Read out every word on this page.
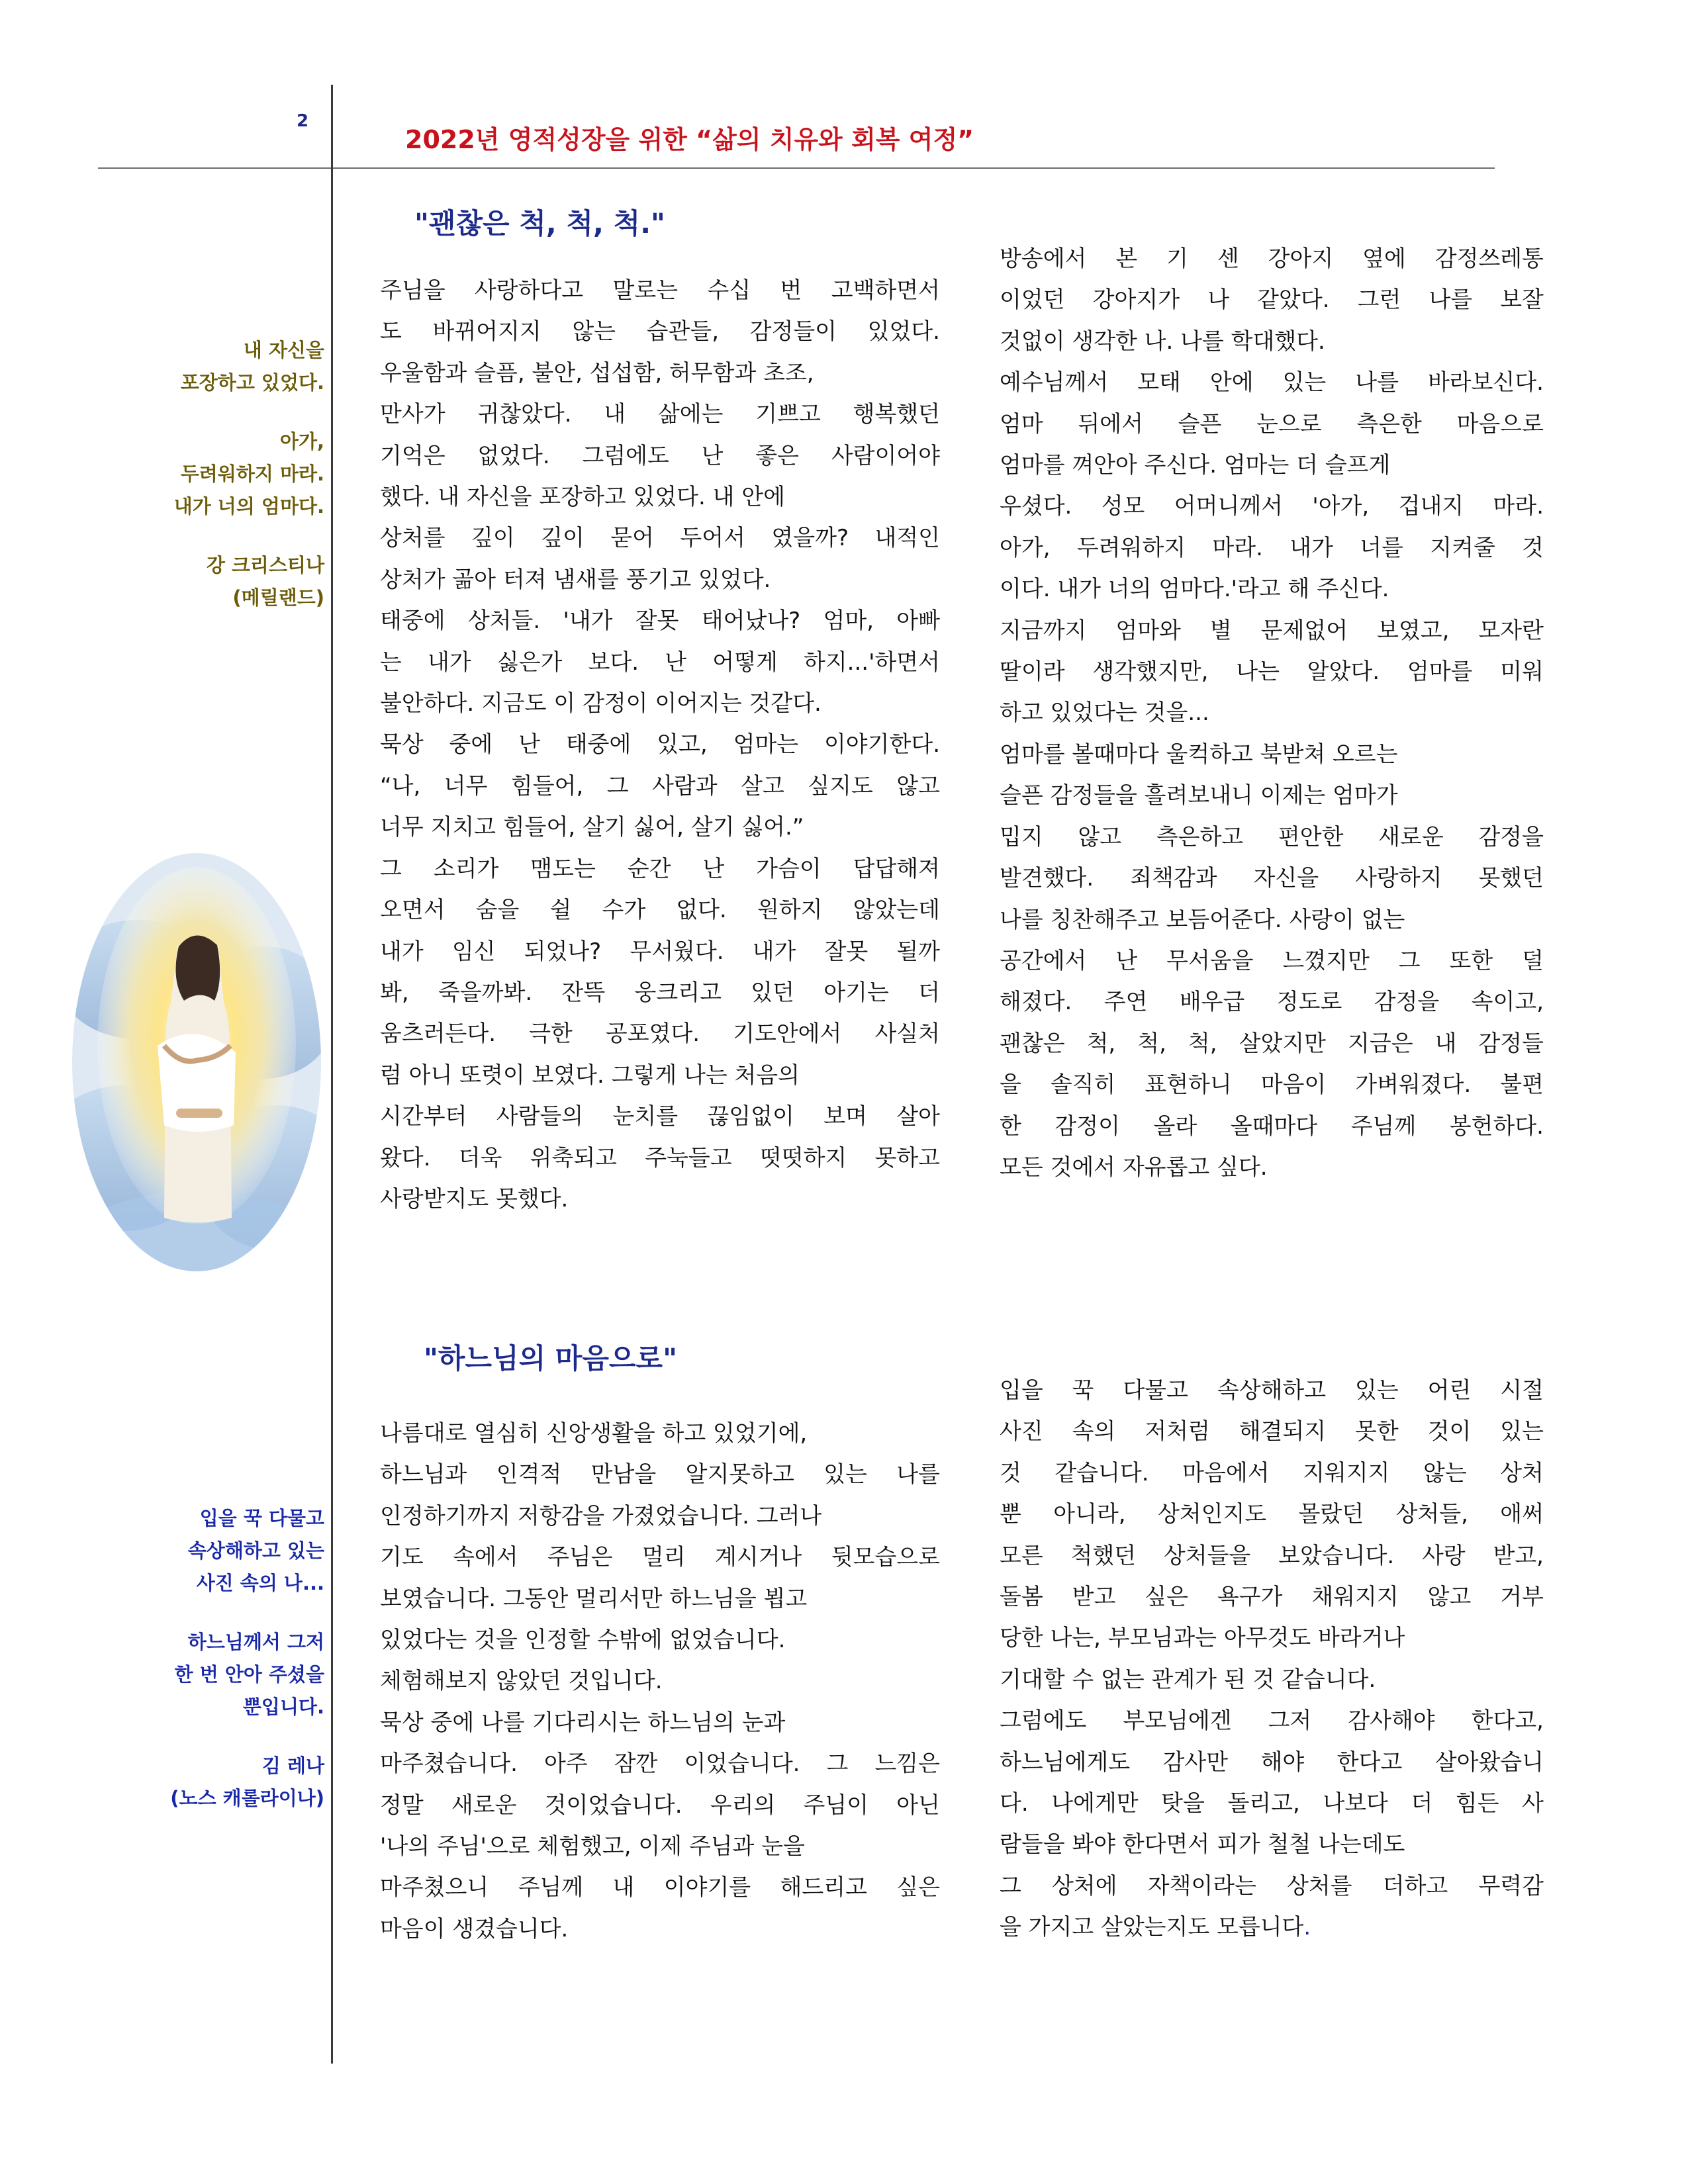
2
2022년 영적성장을 위한 “삶의 치유와 회복 여정”
내 자신을
포장하고 있었다.
아가,
두려워하지 마라.
내가 너의 엄마다.
강 크리스티나
(메릴랜드)
입을 꾹 다물고
속상해하고 있는
사진 속의 나...
하느님께서 그저
한 번 안아 주셨을
뿐입니다.
김 레나
(노스 캐롤라이나)
"괜찮은 척, 척, 척."

주님을 사랑하다고 말로는 수십 번 고백하면서

도 바뀌어지지 않는 습관들, 감정들이 있었다.

우울함과 슬픔, 불안, 섭섭함, 허무함과 초조,

만사가 귀찮았다. 내 삶에는 기쁘고 행복했던

기억은 없었다. 그럼에도 난 좋은 사람이어야

했다. 내 자신을 포장하고 있었다. 내 안에

상처를 깊이 깊이 묻어 두어서 였을까? 내적인

상처가 곪아 터져 냄새를 풍기고 있었다.

태중에 상처들. '내가 잘못 태어났나? 엄마, 아빠

는 내가 싫은가 보다. 난 어떻게 하지...'하면서

불안하다. 지금도 이 감정이 이어지는 것같다.

묵상 중에 난 태중에 있고, 엄마는 이야기한다.

“나, 너무 힘들어, 그 사람과 살고 싶지도 않고

너무 지치고 힘들어, 살기 싫어, 살기 싫어.”

그 소리가 맴도는 순간 난 가슴이 답답해져

오면서 숨을 쉴 수가 없다. 원하지 않았는데

내가 임신 되었나? 무서웠다. 내가 잘못 될까

봐, 죽을까봐. 잔뜩 웅크리고 있던 아기는 더

움츠러든다. 극한 공포였다. 기도안에서 사실처

럼 아니 또렷이 보였다. 그렇게 나는 처음의

시간부터 사람들의 눈치를 끊임없이 보며 살아

왔다. 더욱 위축되고 주눅들고 떳떳하지 못하고

사랑받지도 못했다.

방송에서 본 기 센 강아지 옆에 감정쓰레통

이었던 강아지가 나 같았다. 그런 나를 보잘

것없이 생각한 나. 나를 학대했다.

예수님께서 모태 안에 있는 나를 바라보신다.

엄마 뒤에서 슬픈 눈으로 측은한 마음으로

엄마를 껴안아 주신다. 엄마는 더 슬프게

우셨다. 성모 어머니께서 '아가, 겁내지 마라.

아가, 두려워하지 마라. 내가 너를 지켜줄 것

이다. 내가 너의 엄마다.'라고 해 주신다.

지금까지 엄마와 별 문제없어 보였고, 모자란

딸이라 생각했지만, 나는 알았다. 엄마를 미워

하고 있었다는 것을...

엄마를 볼때마다 울컥하고 북받쳐 오르는

슬픈 감정들을 흘려보내니 이제는 엄마가

밉지 않고 측은하고 편안한 새로운 감정을

발견했다. 죄책감과 자신을 사랑하지 못했던

나를 칭찬해주고 보듬어준다. 사랑이 없는

공간에서 난 무서움을 느꼈지만 그 또한 덜

해졌다. 주연 배우급 정도로 감정을 속이고,

괜찮은 척, 척, 척, 살았지만 지금은 내 감정들

을 솔직히 표현하니 마음이 가벼워졌다. 불편

한 감정이 올라 올때마다 주님께 봉헌하다.

모든 것에서 자유롭고 싶다.

"하느님의 마음으로"

나름대로 열심히 신앙생활을 하고 있었기에,

하느님과 인격적 만남을 알지못하고 있는 나를

인정하기까지 저항감을 가졌었습니다. 그러나

기도 속에서 주님은 멀리 계시거나 뒷모습으로

보였습니다. 그동안 멀리서만 하느님을 뵙고

있었다는 것을 인정할 수밖에 없었습니다.

체험해보지 않았던 것입니다.

묵상 중에 나를 기다리시는 하느님의 눈과

마주쳤습니다. 아주 잠깐 이었습니다. 그 느낌은

정말 새로운 것이었습니다. 우리의 주님이 아닌

'나의 주님'으로 체험했고, 이제 주님과 눈을

마주쳤으니 주님께 내 이야기를 해드리고 싶은

마음이 생겼습니다.

입을 꾹 다물고 속상해하고 있는 어린 시절

사진 속의 저처럼 해결되지 못한 것이 있는

것 같습니다. 마음에서 지워지지 않는 상처

뿐 아니라, 상처인지도 몰랐던 상처들, 애써

모른 척했던 상처들을 보았습니다. 사랑 받고,

돌봄 받고 싶은 욕구가 채워지지 않고 거부

당한 나는, 부모님과는 아무것도 바라거나

기대할 수 없는 관계가 된 것 같습니다.

그럼에도 부모님에겐 그저 감사해야 한다고,

하느님에게도 감사만 해야 한다고 살아왔습니

다. 나에게만 탓을 돌리고, 나보다 더 힘든 사

람들을 봐야 한다면서 피가 철철 나는데도

그 상처에 자책이라는 상처를 더하고 무력감

을 가지고 살았는지도 모릅니다.
